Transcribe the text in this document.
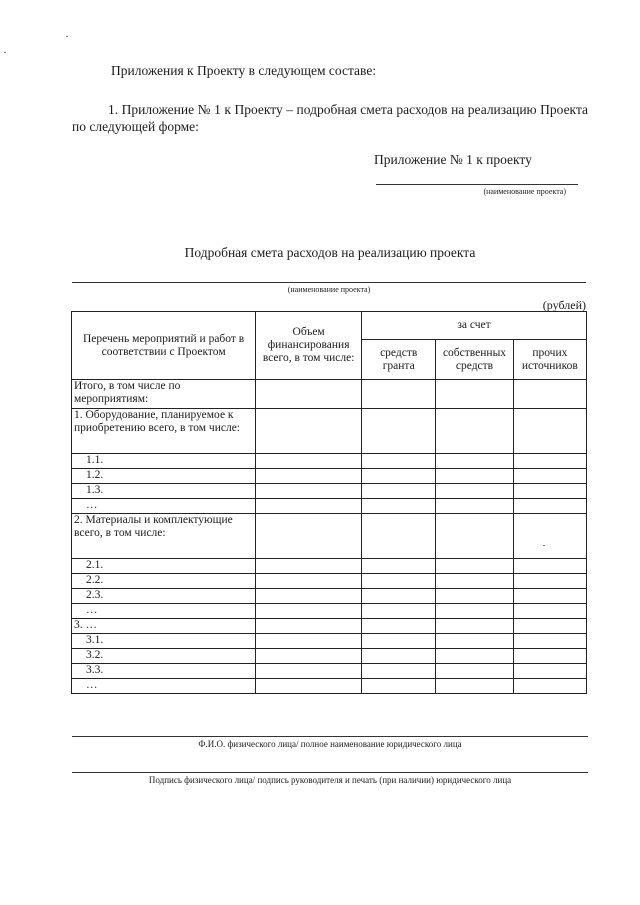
Приложения к Проекту в следующем составе:
1. Приложение № 1 к Проекту – подробная смета расходов на реализацию Проекта по следующей форме:
Приложение № 1 к проекту
(наименование проекта)
Подробная смета расходов на реализацию проекта
(наименование проекта)
(рублей)
Перечень мероприятий и работ в соответствии с Проектом	Объем финансирования всего, в том числе:	за счет		
		средств гранта	собственных средств	прочих источников
Итого, в том числе по мероприятиям:				
1. Оборудование, планируемое к приобретению всего, в том числе:				
1.1.				
1.2.				
1.3.				
…				
2. Материалы и комплектующие всего, в том числе:				
2.1.				
2.2.				
2.3.				
…				
3. …				
3.1.				
3.2.				
3.3.				
…				
Ф.И.О. физического лица/ полное наименование юридического лица
Подпись физического лица/ подпись руководителя и печать (при наличии) юридического лица
